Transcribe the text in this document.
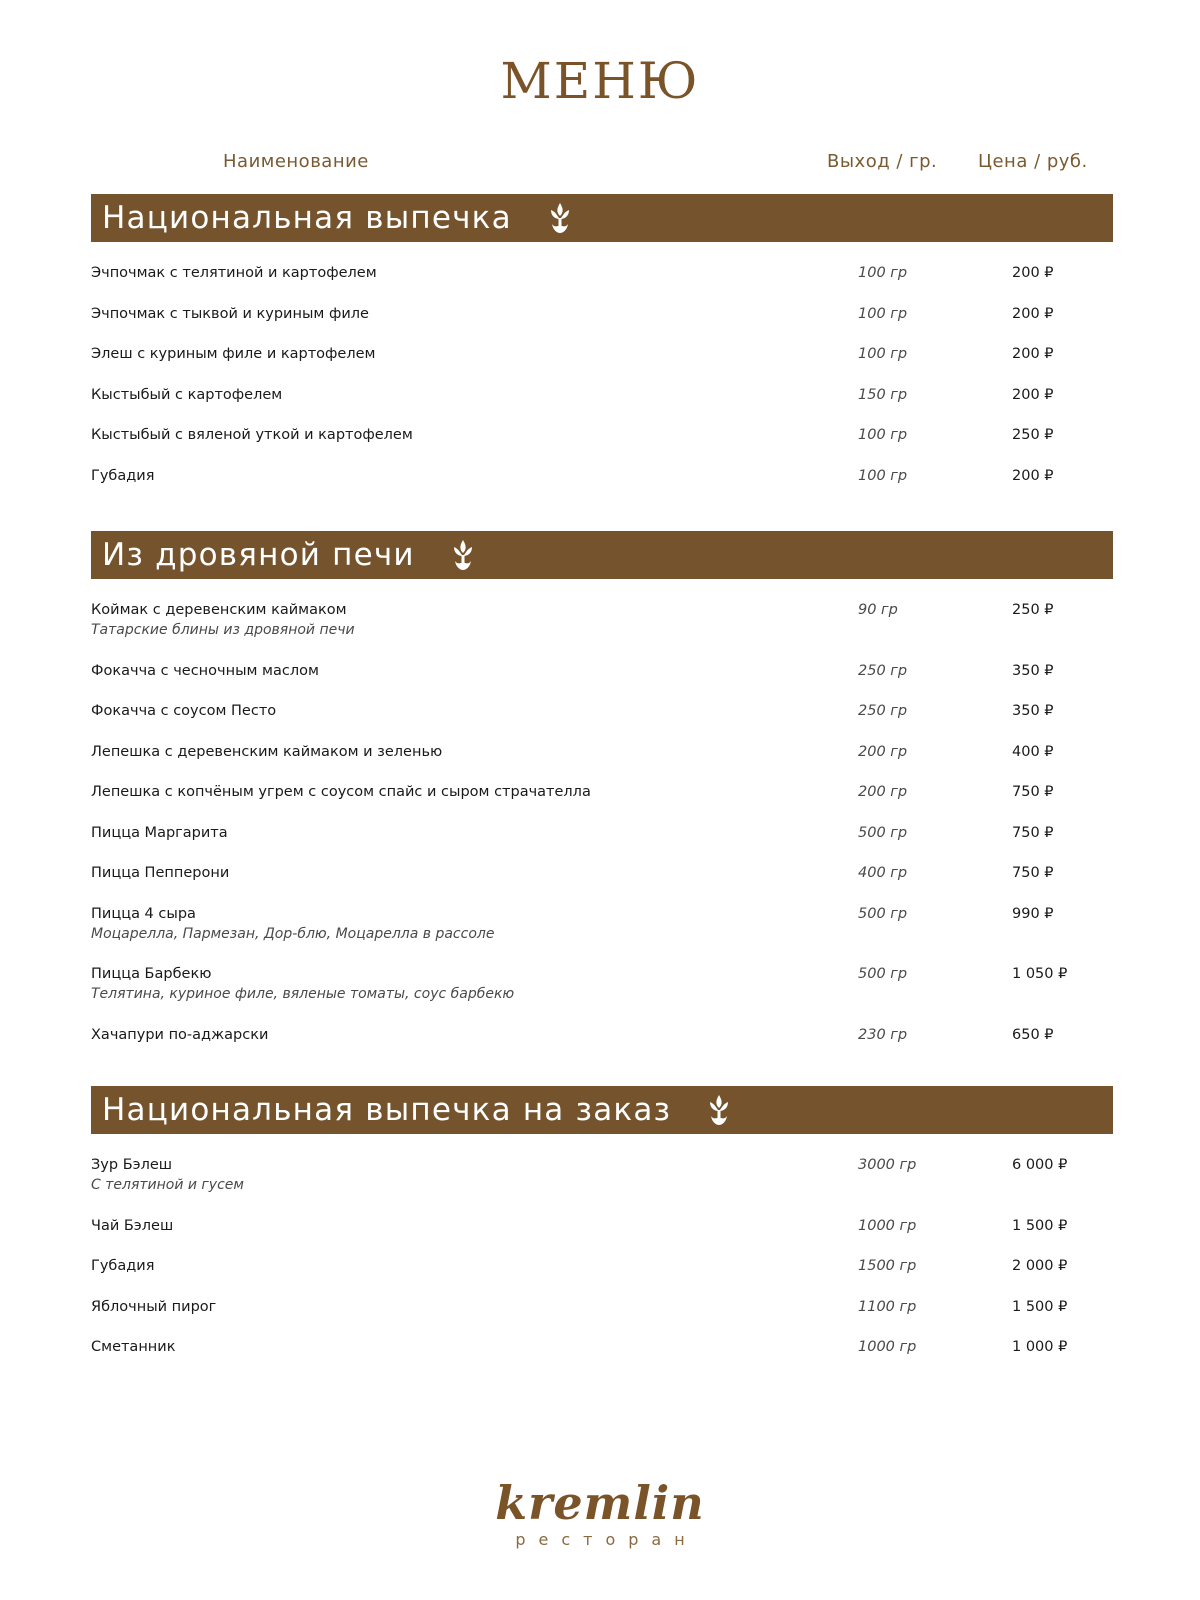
МЕНЮ
Наименование	Выход / гр. Цена / руб.
Национальная выпечка
Эчпочмак с телятиной и картофелем	100 гр	200 ₽
Эчпочмак с тыквой и куриным филе	100 гр	200 ₽
Элеш с куриным филе и картофелем	100 гр	200 ₽
Кыстыбый с картофелем	150 гр	200 ₽
Кыстыбый с вяленой уткой и картофелем	100 гр	250 ₽
Губадия	100 гр	200 ₽
Из дровяной печи
Коймак с деревенским каймаком
Татарские блины из дровяной печи
90 гр	250 ₽
Фокачча с чесночным маслом	250 гр	350 ₽
Фокачча с соусом Песто	250 гр	350 ₽
Лепешка с деревенским каймаком и зеленью	200 гр	400 ₽
Лепешка с копчёным угрем с соусом спайс и сыром страчателла	200 гр	750 ₽
Пицца Маргарита	500 гр	750 ₽
Пицца Пепперони	400 гр	750 ₽
Пицца 4 сыра
Моцарелла, Пармезан, Дор-блю, Моцарелла в рассоле
500 гр	990 ₽
Пицца Барбекю
Телятина, куриное филе, вяленые томаты, соус барбекю
500 гр	1 050 ₽
Хачапури по-аджарски	230 гр	650 ₽
Национальная выпечка на заказ
Зур Бэлеш
С телятиной и гусем
3000 гр	6 000 ₽
Чай Бэлеш	1000 гр	1 500 ₽
Губадия	1500 гр	2 000 ₽
Яблочный пирог	1100 гр	1 500 ₽
Сметанник	1000 гр	1 000 ₽
kremlin
ресторан
